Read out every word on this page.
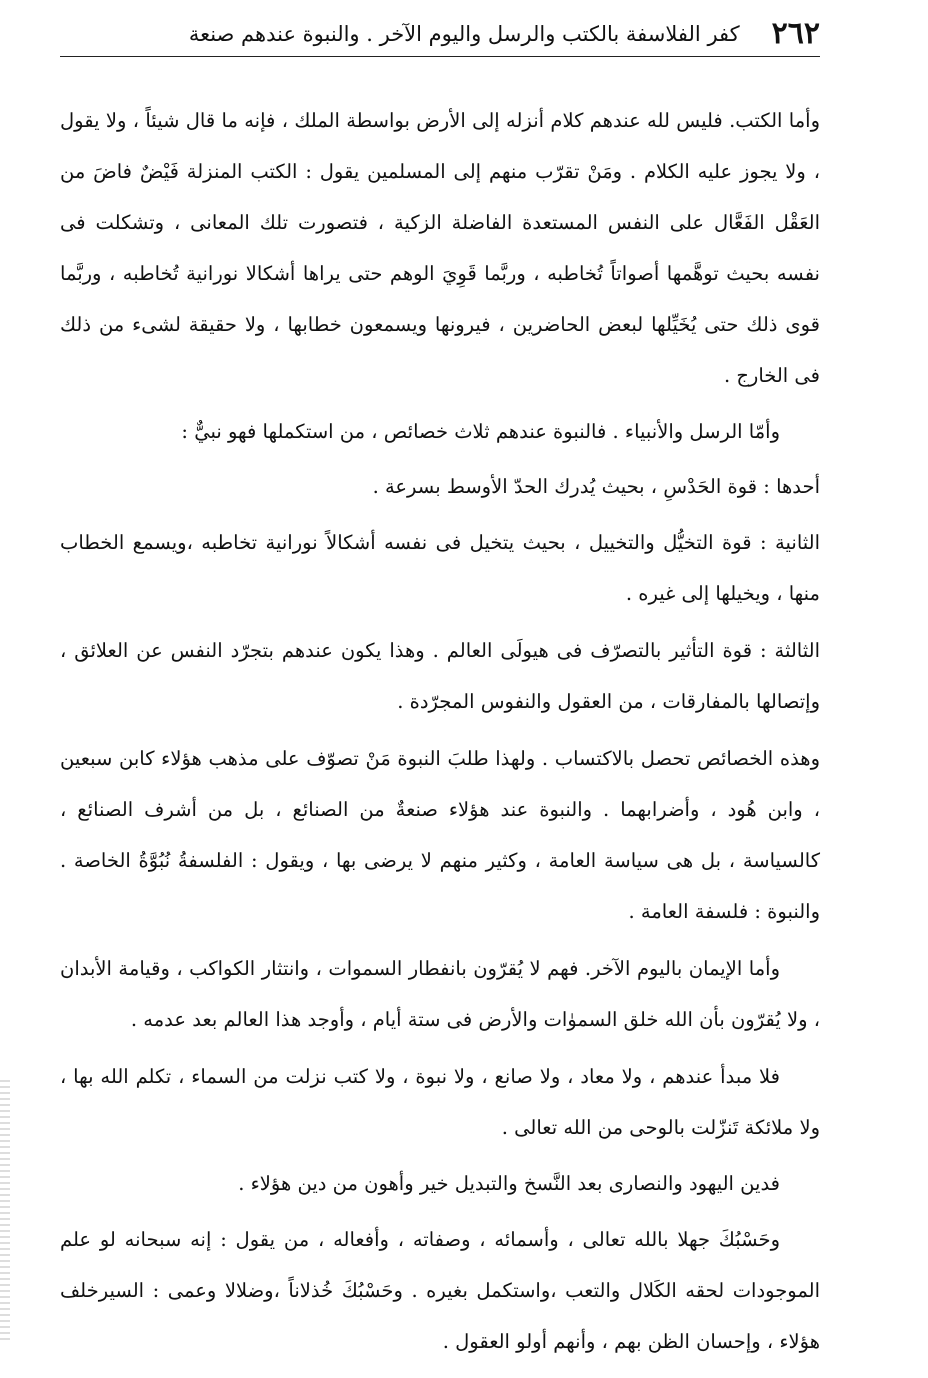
٢٦٢
كفر الفلاسفة بالكتب والرسل واليوم الآخر . والنبوة عندهم صنعة

وأما الكتب. فليس لله عندهم كلام أنزله إلى الأرض بواسطة الملك ، فإنه ما قال شيئاً ، ولا يقول ، ولا يجوز عليه الكلام . ومَنْ تقرّب منهم إلى المسلمين يقول : الكتب المنزلة فَيْضٌ فاضَ من العَقْل الفَعَّال على النفس المستعدة الفاضلة الزكية ، فتصورت تلك المعانى ، وتشكلت فى نفسه بحيث توهَّمها أصواتاً تُخاطبه ، وربَّما قَوِيَ الوهم حتى يراها أشكالا نورانية تُخاطبه ، وربَّما قوى ذلك حتى يُخَيِّلها لبعض الحاضرين ، فيرونها ويسمعون خطابها ، ولا حقيقة لشىء من ذلك فى الخارج .

وأمّا الرسل والأنبياء . فالنبوة عندهم ثلاث خصائص ، من استكملها فهو نبيٌّ :

أحدها : قوة الحَدْسِ ، بحيث يُدرك الحدّ الأوسط بسرعة .

الثانية : قوة التخيُّل والتخييل ، بحيث يتخيل فى نفسه أشكالاً نورانية تخاطبه ،ويسمع الخطاب منها ، ويخيلها إلى غيره .

الثالثة : قوة التأثير بالتصرّف فى هيولَى العالم . وهذا يكون عندهم بتجرّد النفس عن العلائق ، وإتصالها بالمفارقات ، من العقول والنفوس المجرّدة .

وهذه الخصائص تحصل بالاكتساب . ولهذا طلبَ النبوة مَنْ تصوّف على مذهب هؤلاء كابن سبعين ، وابن هُود ، وأضرابهما . والنبوة عند هؤلاء صنعةٌ من الصنائع ، بل من أشرف الصنائع ، كالسياسة ، بل هى سياسة العامة ، وكثير منهم لا يرضى بها ، ويقول : الفلسفةُ نُبُوَّةُ الخاصة . والنبوة : فلسفة العامة .

وأما الإيمان باليوم الآخر. فهم لا يُقرّون بانفطار السموات ، وانتثار الكواكب ، وقيامة الأبدان ، ولا يُقرّون بأن الله خلق السموٰات والأرض فى ستة أيام ، وأوجد هذا العالم بعد عدمه .

فلا مبدأ عندهم ، ولا معاد ، ولا صانع ، ولا نبوة ، ولا كتب نزلت من السماء ، تكلم الله بها ، ولا ملائكة تَنزّلت بالوحى من الله تعالى .

فدين اليهود والنصارى بعد النَّسخ والتبديل خير وأهون من دين هؤلاء .

وحَسْبُكَ جهلا بالله تعالى ، وأسمائه ، وصفاته ، وأفعاله ، من يقول : إنه سبحانه لو علم الموجودات لحقه الكَلال والتعب ،واستكمل بغيره . وحَسْبُكَ خُذلاناً ،وضلالا وعمى : السيرخلف هؤلاء ، وإحسان الظن بهم ، وأنهم أولو العقول .
